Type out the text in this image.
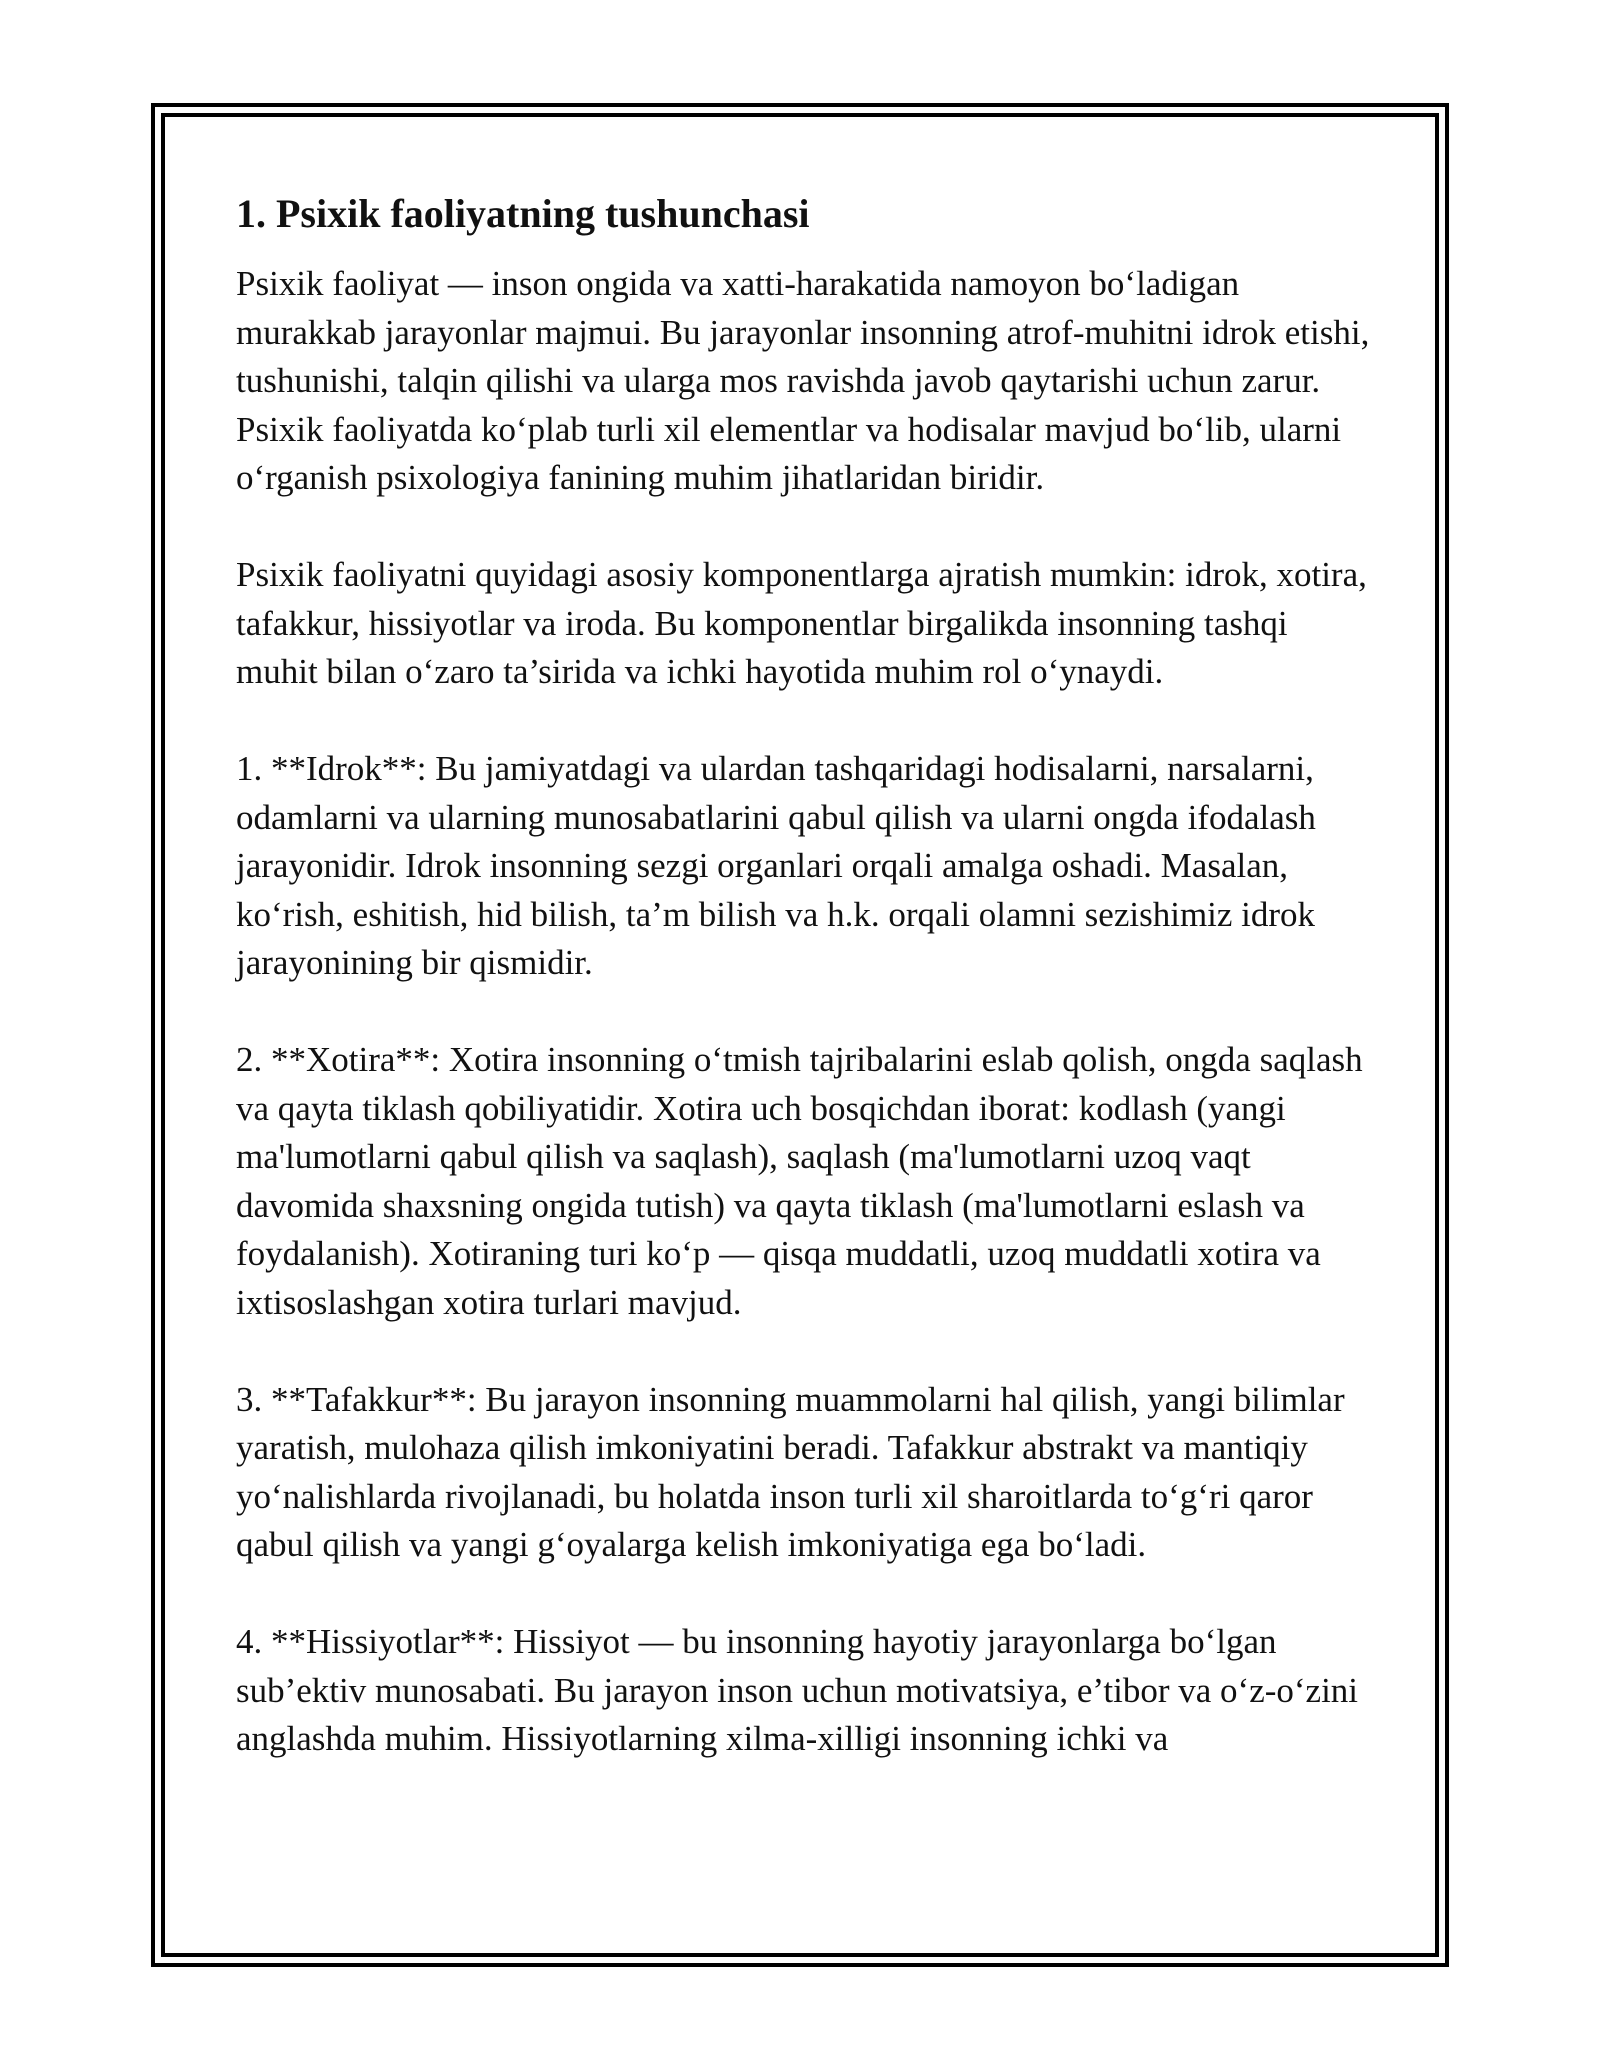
1. Psixik faoliyatning tushunchasi

Psixik faoliyat — inson ongida va xatti-harakatida namoyon bo‘ladigan murakkab jarayonlar majmui. Bu jarayonlar insonning atrof-muhitni idrok etishi, tushunishi, talqin qilishi va ularga mos ravishda javob qaytarishi uchun zarur. Psixik faoliyatda ko‘plab turli xil elementlar va hodisalar mavjud bo‘lib, ularni o‘rganish psixologiya fanining muhim jihatlaridan biridir.

Psixik faoliyatni quyidagi asosiy komponentlarga ajratish mumkin: idrok, xotira, tafakkur, hissiyotlar va iroda. Bu komponentlar birgalikda insonning tashqi muhit bilan o‘zaro ta’sirida va ichki hayotida muhim rol o‘ynaydi.

1. **Idrok**: Bu jamiyatdagi va ulardan tashqaridagi hodisalarni, narsalarni, odamlarni va ularning munosabatlarini qabul qilish va ularni ongda ifodalash jarayonidir. Idrok insonning sezgi organlari orqali amalga oshadi. Masalan, ko‘rish, eshitish, hid bilish, ta’m bilish va h.k. orqali olamni sezishimiz idrok jarayonining bir qismidir.

2. **Xotira**: Xotira insonning o‘tmish tajribalarini eslab qolish, ongda saqlash va qayta tiklash qobiliyatidir. Xotira uch bosqichdan iborat: kodlash (yangi ma'lumotlarni qabul qilish va saqlash), saqlash (ma'lumotlarni uzoq vaqt davomida shaxsning ongida tutish) va qayta tiklash (ma'lumotlarni eslash va foydalanish). Xotiraning turi ko‘p — qisqa muddatli, uzoq muddatli xotira va ixtisoslashgan xotira turlari mavjud.

3. **Tafakkur**: Bu jarayon insonning muammolarni hal qilish, yangi bilimlar yaratish, mulohaza qilish imkoniyatini beradi. Tafakkur abstrakt va mantiqiy yo‘nalishlarda rivojlanadi, bu holatda inson turli xil sharoitlarda to‘g‘ri qaror qabul qilish va yangi g‘oyalarga kelish imkoniyatiga ega bo‘ladi.

4. **Hissiyotlar**: Hissiyot — bu insonning hayotiy jarayonlarga bo‘lgan sub’ektiv munosabati. Bu jarayon inson uchun motivatsiya, e’tibor va o‘z-o‘zini anglashda muhim. Hissiyotlarning xilma-xilligi insonning ichki va
